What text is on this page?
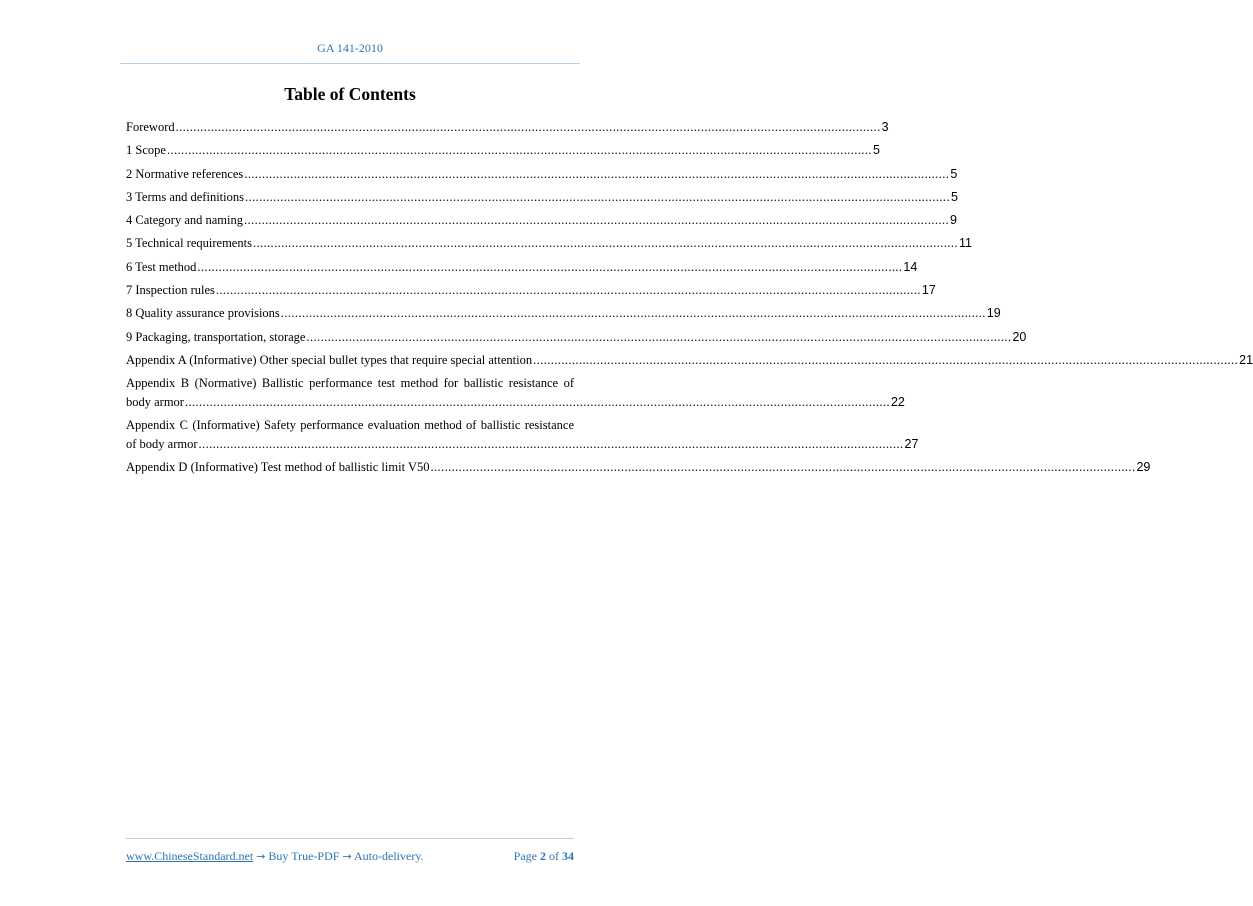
GA 141-2010
Table of Contents
Foreword ........................................................................................................................................................................................................ 3
1 Scope ........................................................................................................................................................................................................ 5
2 Normative references ........................................................................................................................................................................................................ 5
3 Terms and definitions ........................................................................................................................................................................................................ 5
4 Category and naming ........................................................................................................................................................................................................ 9
5 Technical requirements ........................................................................................................................................................................................................ 11
6 Test method ........................................................................................................................................................................................................ 14
7 Inspection rules ........................................................................................................................................................................................................ 17
8 Quality assurance provisions ........................................................................................................................................................................................................ 19
9 Packaging, transportation, storage ........................................................................................................................................................................................................ 20
Appendix A (Informative) Other special bullet types that require special attention ........................................................................................................................................................................................................ 21
Appendix B (Normative) Ballistic performance test method for ballistic resistance of
body armor ........................................................................................................................................................................................................ 22
Appendix C (Informative) Safety performance evaluation method of ballistic resistance
of body armor ........................................................................................................................................................................................................ 27
Appendix D (Informative) Test method of ballistic limit V50 ........................................................................................................................................................................................................ 29
www.ChineseStandard.net → Buy True-PDF → Auto-delivery.	Page 2 of 34
